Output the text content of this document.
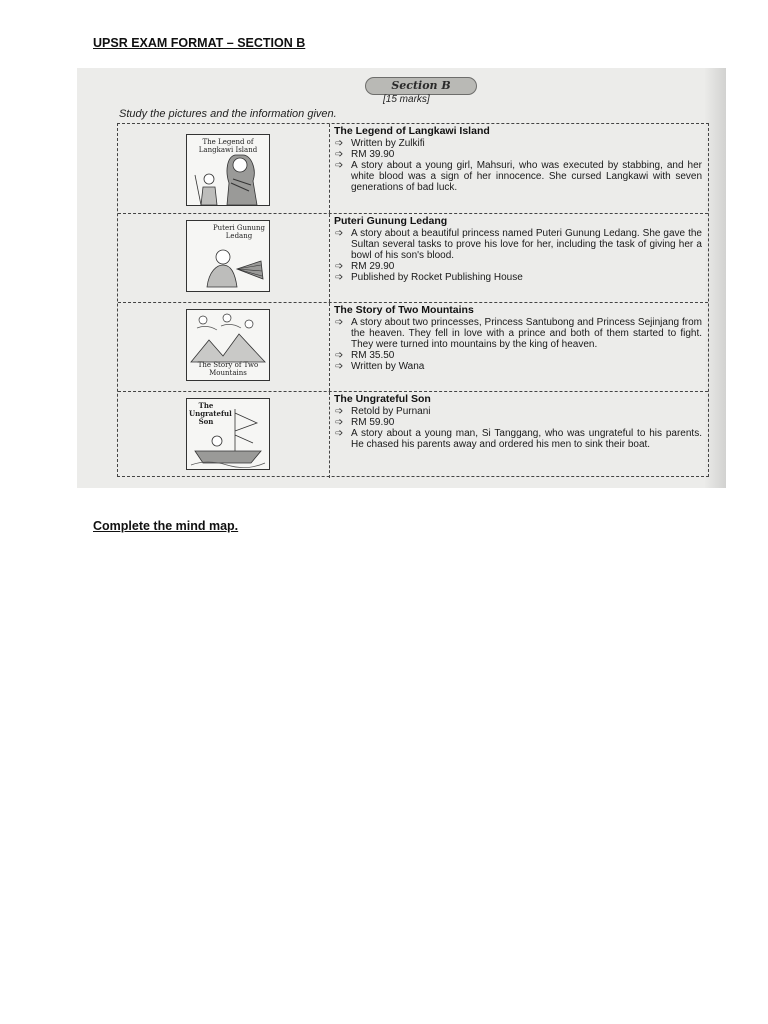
UPSR EXAM FORMAT – SECTION B
Section B
[15 marks]
Study the pictures and the information given.
The Legend of Langkawi Island
The Legend of Langkawi Island
➩ Written by Zulkifi
➩ RM 39.90
➩ A story about a young girl, Mahsuri, who was executed by stabbing, and her white blood was a sign of her innocence. She cursed Langkawi with seven generations of bad luck.
Puteri Gunung Ledang
Puteri Gunung Ledang
➩ A story about a beautiful princess named Puteri Gunung Ledang. She gave the Sultan several tasks to prove his love for her, including the task of giving her a bowl of his son's blood.
➩ RM 29.90
➩ Published by Rocket Publishing House
The Story of Two Mountains
The Story of Two Mountains
➩ A story about two princesses, Princess Santubong and Princess Sejinjang from the heaven. They fell in love with a prince and both of them started to fight. They were turned into mountains by the king of heaven.
➩ RM 35.50
➩ Written by Wana
The Ungrateful Son
The Ungrateful Son
➩ Retold by Purnani
➩ RM 59.90
➩ A story about a young man, Si Tanggang, who was ungrateful to his parents. He chased his parents away and ordered his men to sink their boat.
Complete the mind map.
